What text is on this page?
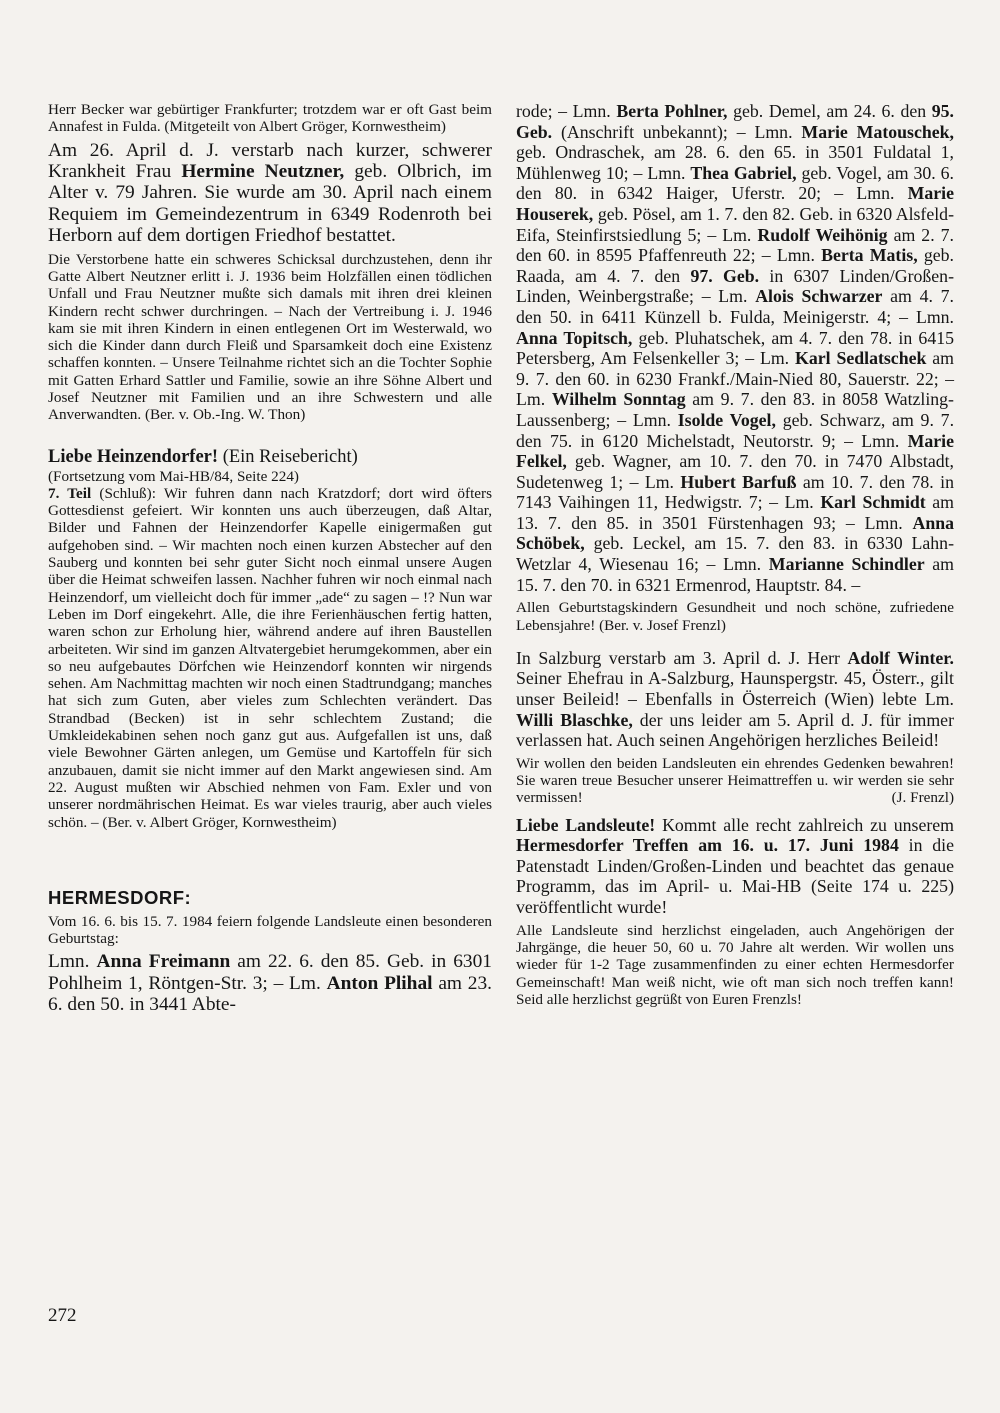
Herr Becker war gebürtiger Frankfurter; trotzdem war er oft Gast beim Annafest in Fulda. (Mitgeteilt von Albert Gröger, Kornwestheim)

Am 26. April d. J. verstarb nach kurzer, schwerer Krankheit Frau Hermine Neutzner, geb. Olbrich, im Alter v. 79 Jahren. Sie wurde am 30. April nach einem Requiem im Gemeindezentrum in 6349 Rodenroth bei Herborn auf dem dortigen Friedhof bestattet.

Die Verstorbene hatte ein schweres Schicksal durchzustehen, denn ihr Gatte Albert Neutzner erlitt i. J. 1936 beim Holzfällen einen tödlichen Unfall und Frau Neutzner mußte sich damals mit ihren drei kleinen Kindern recht schwer durchringen. – Nach der Vertreibung i. J. 1946 kam sie mit ihren Kindern in einen entlegenen Ort im Westerwald, wo sich die Kinder dann durch Fleiß und Sparsamkeit doch eine Existenz schaffen konnten. – Unsere Teilnahme richtet sich an die Tochter Sophie mit Gatten Erhard Sattler und Familie, sowie an ihre Söhne Albert und Josef Neutzner mit Familien und an ihre Schwestern und alle Anverwandten. (Ber. v. Ob.-Ing. W. Thon)

Liebe Heinzendorfer! (Ein Reisebericht)

(Fortsetzung vom Mai-HB/84, Seite 224)

7. Teil (Schluß): Wir fuhren dann nach Kratzdorf; dort wird öfters Gottesdienst gefeiert. Wir konnten uns auch überzeugen, daß Altar, Bilder und Fahnen der Heinzendorfer Kapelle einigermaßen gut aufgehoben sind. – Wir machten noch einen kurzen Abstecher auf den Sauberg und konnten bei sehr guter Sicht noch einmal unsere Augen über die Heimat schweifen lassen. Nachher fuhren wir noch einmal nach Heinzendorf, um vielleicht doch für immer „ade“ zu sagen – !? Nun war Leben im Dorf eingekehrt. Alle, die ihre Ferienhäuschen fertig hatten, waren schon zur Erholung hier, während andere auf ihren Baustellen arbeiteten. Wir sind im ganzen Altvatergebiet herumgekommen, aber ein so neu aufgebautes Dörfchen wie Heinzendorf konnten wir nirgends sehen. Am Nachmittag machten wir noch einen Stadtrundgang; manches hat sich zum Guten, aber vieles zum Schlechten verändert. Das Strandbad (Becken) ist in sehr schlechtem Zustand; die Umkleidekabinen sehen noch ganz gut aus. Aufgefallen ist uns, daß viele Bewohner Gärten anlegen, um Gemüse und Kartoffeln für sich anzubauen, damit sie nicht immer auf den Markt angewiesen sind. Am 22. August mußten wir Abschied nehmen von Fam. Exler und von unserer nordmährischen Heimat. Es war vieles traurig, aber auch vieles schön. – (Ber. v. Albert Gröger, Kornwestheim)

HERMESDORF:

Vom 16. 6. bis 15. 7. 1984 feiern folgende Landsleute einen besonderen Geburtstag:

Lmn. Anna Freimann am 22. 6. den 85. Geb. in 6301 Pohlheim 1, Röntgen-Str. 3; – Lm. Anton Plihal am 23. 6. den 50. in 3441 Abte-

rode; – Lmn. Berta Pohlner, geb. Demel, am 24. 6. den 95. Geb. (Anschrift unbekannt); – Lmn. Marie Matouschek, geb. Ondraschek, am 28. 6. den 65. in 3501 Fuldatal 1, Mühlenweg 10; – Lmn. Thea Gabriel, geb. Vogel, am 30. 6. den 80. in 6342 Haiger, Uferstr. 20; – Lmn. Marie Houserek, geb. Pösel, am 1. 7. den 82. Geb. in 6320 Alsfeld-Eifa, Steinfirstsiedlung 5; – Lm. Rudolf Weihönig am 2. 7. den 60. in 8595 Pfaffenreuth 22; – Lmn. Berta Matis, geb. Raada, am 4. 7. den 97. Geb. in 6307 Linden/Großen-Linden, Weinbergstraße; – Lm. Alois Schwarzer am 4. 7. den 50. in 6411 Künzell b. Fulda, Meinigerstr. 4; – Lmn. Anna Topitsch, geb. Pluhatschek, am 4. 7. den 78. in 6415 Petersberg, Am Felsenkeller 3; – Lm. Karl Sedlatschek am 9. 7. den 60. in 6230 Frankf./Main-Nied 80, Sauerstr. 22; – Lm. Wilhelm Sonntag am 9. 7. den 83. in 8058 Watzling-Laussenberg; – Lmn. Isolde Vogel, geb. Schwarz, am 9. 7. den 75. in 6120 Michelstadt, Neutorstr. 9; – Lmn. Marie Felkel, geb. Wagner, am 10. 7. den 70. in 7470 Albstadt, Sudetenweg 1; – Lm. Hubert Barfuß am 10. 7. den 78. in 7143 Vaihingen 11, Hedwigstr. 7; – Lm. Karl Schmidt am 13. 7. den 85. in 3501 Fürstenhagen 93; – Lmn. Anna Schöbek, geb. Leckel, am 15. 7. den 83. in 6330 Lahn-Wetzlar 4, Wiesenau 16; – Lmn. Marianne Schindler am 15. 7. den 70. in 6321 Ermenrod, Hauptstr. 84. –

Allen Geburtstagskindern Gesundheit und noch schöne, zufriedene Lebensjahre! (Ber. v. Josef Frenzl)

In Salzburg verstarb am 3. April d. J. Herr Adolf Winter. Seiner Ehefrau in A-Salzburg, Haunspergstr. 45, Österr., gilt unser Beileid! – Ebenfalls in Österreich (Wien) lebte Lm. Willi Blaschke, der uns leider am 5. April d. J. für immer verlassen hat. Auch seinen Angehörigen herzliches Beileid!

Wir wollen den beiden Landsleuten ein ehrendes Gedenken bewahren! Sie waren treue Besucher unserer Heimattreffen u. wir werden sie sehr vermissen!	(J. Frenzl)

Liebe Landsleute! Kommt alle recht zahlreich zu unserem Hermesdorfer Treffen am 16. u. 17. Juni 1984 in die Patenstadt Linden/Großen-Linden und beachtet das genaue Programm, das im April- u. Mai-HB (Seite 174 u. 225) veröffentlicht wurde!

Alle Landsleute sind herzlichst eingeladen, auch Angehörigen der Jahrgänge, die heuer 50, 60 u. 70 Jahre alt werden. Wir wollen uns wieder für 1-2 Tage zusammenfinden zu einer echten Hermesdorfer Gemeinschaft! Man weiß nicht, wie oft man sich noch treffen kann! Seid alle herzlichst gegrüßt von Euren Frenzls!

272
